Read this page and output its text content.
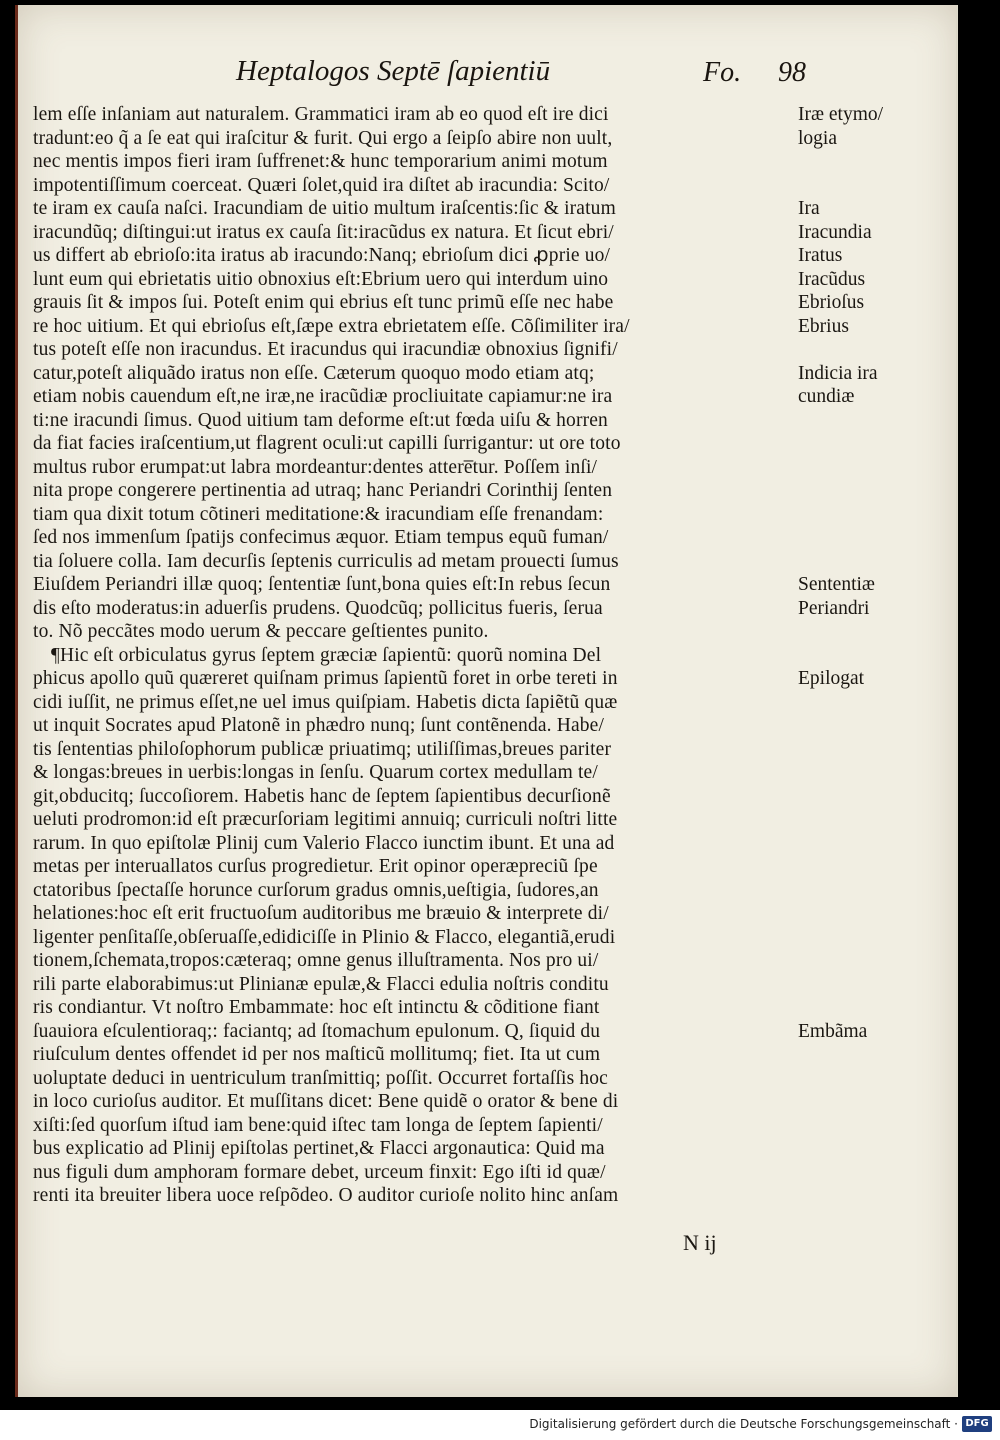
Heptalogos Septē ſapientiū	Fo. 98
lem eſſe inſaniam aut naturalem. Grammatici iram ab eo quod eſt ire dici
tradunt:eo q̃ a ſe eat qui iraſcitur & furit. Qui ergo a ſeipſo abire non uult,
nec mentis impos fieri iram ſuffrenet:& hunc temporarium animi motum
impotentiſſimum coerceat. Quæri ſolet,quid ira diſtet ab iracundia: Scito/
te iram ex cauſa naſci. Iracundiam de uitio multum iraſcentis:ſic & iratum
iracundũq; diſtingui:ut iratus ex cauſa ſit:iracũdus ex natura. Et ſicut ebri/
us differt ab ebrioſo:ita iratus ab iracundo:Nanq; ebrioſum dici ꝓprie uo/
lunt eum qui ebrietatis uitio obnoxius eſt:Ebrium uero qui interdum uino
grauis ſit & impos ſui. Poteſt enim qui ebrius eſt tunc primũ eſſe nec habe
re hoc uitium. Et qui ebrioſus eſt,ſæpe extra ebrietatem eſſe. Cõſimiliter ira/
tus poteſt eſſe non iracundus. Et iracundus qui iracundiæ obnoxius ſignifi/
catur,poteſt aliquãdo iratus non eſſe. Cæterum quoquo modo etiam atq;
etiam nobis cauendum eſt,ne iræ,ne iracũdiæ procliuitate capiamur:ne ira
ti:ne iracundi ſimus. Quod uitium tam deforme eſt:ut fœda uiſu & horren
da fiat facies iraſcentium,ut flagrent oculi:ut capilli ſurrigantur: ut ore toto
multus rubor erumpat:ut labra mordeantur:dentes attere̅tur. Poſſem inſi/
nita prope congerere pertinentia ad utraq; hanc Periandri Corinthij ſenten
tiam qua dixit totum cõtineri meditatione:& iracundiam eſſe frenandam:
ſed nos immenſum ſpatijs confecimus æquor. Etiam tempus equũ fuman/
tia ſoluere colla. Iam decurſis ſeptenis curriculis ad metam prouecti ſumus
Eiuſdem Periandri illæ quoq; ſententiæ ſunt,bona quies eſt:In rebus ſecun
dis eſto moderatus:in aduerſis prudens. Quodcũq; pollicitus fueris, ſerua
to. Nõ peccãtes modo uerum & peccare geſtientes punito.
¶Hic eſt orbiculatus gyrus ſeptem græciæ ſapientũ: quorũ nomina Del
phicus apollo quũ quæreret quiſnam primus ſapientũ foret in orbe tereti in
cidi iuſſit, ne primus eſſet,ne uel imus quiſpiam. Habetis dicta ſapiẽtũ quæ
ut inquit Socrates apud Platonẽ in phædro nunq; ſunt contẽnenda. Habe/
tis ſententias philoſophorum publicæ priuatimq; utiliſſimas,breues pariter
& longas:breues in uerbis:longas in ſenſu. Quarum cortex medullam te/
git,obducitq; ſuccoſiorem. Habetis hanc de ſeptem ſapientibus decurſionẽ
ueluti prodromon:id eſt præcurſoriam legitimi annuiq; curriculi noſtri litte
rarum. In quo epiſtolæ Plinij cum Valerio Flacco iunctim ibunt. Et una ad
metas per interuallatos curſus progredietur. Erit opinor operæpreciũ ſpe
ctatoribus ſpectaſſe horunce curſorum gradus omnis,ueſtigia, ſudores,an
helationes:hoc eſt erit fructuoſum auditoribus me bræuio & interprete di/
ligenter penſitaſſe,obſeruaſſe,edidiciſſe in Plinio & Flacco, elegantiã,erudi
tionem,ſchemata,tropos:cæteraq; omne genus illuſtramenta. Nos pro ui/
rili parte elaborabimus:ut Plinianæ epulæ,& Flacci edulia noſtris conditu
ris condiantur. Vt noſtro Embammate: hoc eſt intinctu & cõditione fiant
ſuauiora eſculentioraq;: faciantq; ad ſtomachum epulonum. Q, ſiquid du
riuſculum dentes offendet id per nos maſticũ mollitumq; fiet. Ita ut cum
uoluptate deduci in uentriculum tranſmittiq; poſſit. Occurret fortaſſis hoc
in loco curioſus auditor. Et muſſitans dicet: Bene quidẽ o orator & bene di
xiſti:ſed quorſum iſtud iam bene:quid iſtec tam longa de ſeptem ſapienti/
bus explicatio ad Plinij epiſtolas pertinet,& Flacci argonautica: Quid ma
nus figuli dum amphoram formare debet, urceum finxit: Ego iſti id quæ/
renti ita breuiter libera uoce reſpõdeo. O auditor curioſe nolito hinc anſam
Iræ etymo/
logia
Ira
Iracundia
Iratus
Iracũdus
Ebrioſus
Ebrius
Indicia ira
cundiæ
Sententiæ
Periandri
Epilogat
Embãma
N ij
Digitalisierung gefördert durch die Deutsche Forschungsgemeinschaft · DFG
